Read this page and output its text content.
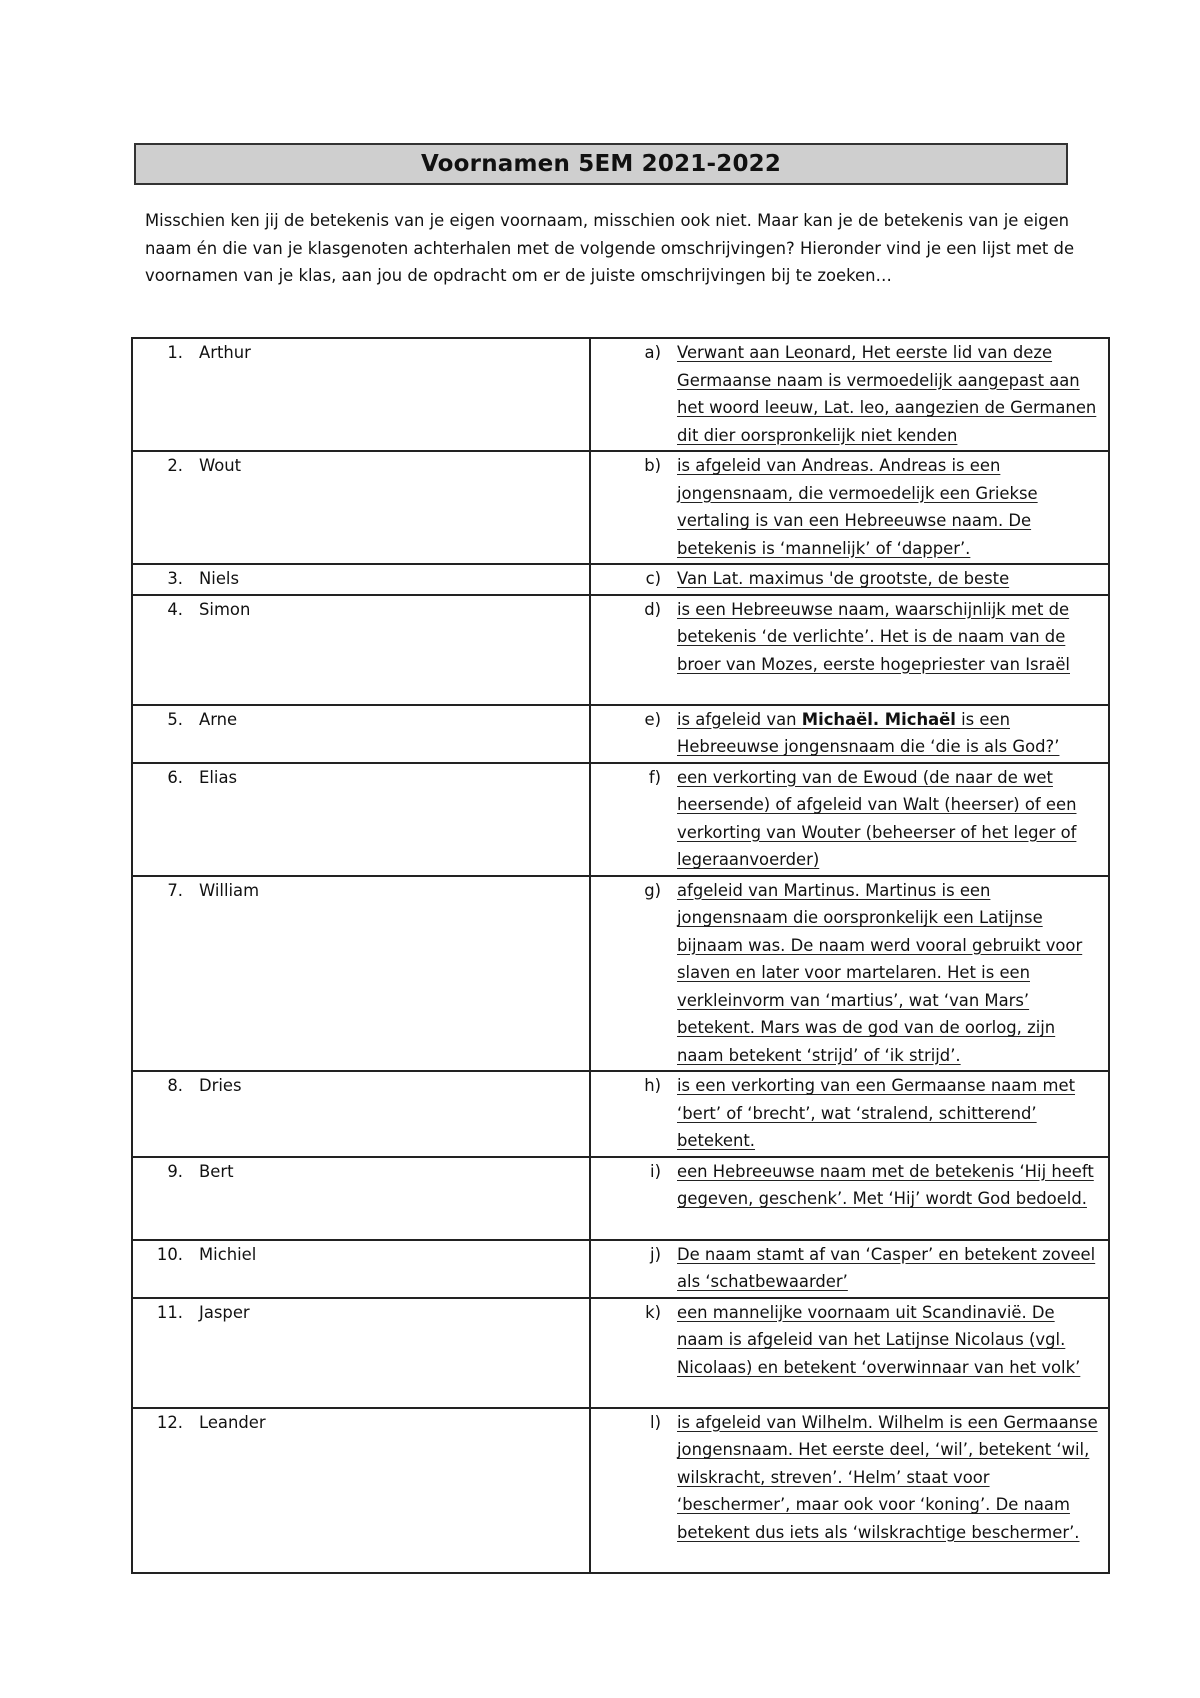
Voornamen 5EM 2021-2022

Misschien ken jij de betekenis van je eigen voornaam, misschien ook niet. Maar kan je de betekenis van je eigen naam én die van je klasgenoten achterhalen met de volgende omschrijvingen? Hieronder vind je een lijst met de voornamen van je klas, aan jou de opdracht om er de juiste omschrijvingen bij te zoeken…

1. Arthur	a) Verwant aan Leonard, Het eerste lid van deze Germaanse naam is vermoedelijk aangepast aan het woord leeuw, Lat. leo, aangezien de Germanen dit dier oorspronkelijk niet kenden

2. Wout	b) is afgeleid van Andreas. Andreas is een jongensnaam, die vermoedelijk een Griekse vertaling is van een Hebreeuwse naam. De betekenis is ‘mannelijk’ of ‘dapper’.

3. Niels	c) Van Lat. maximus 'de grootste, de beste

4. Simon	d) is een Hebreeuwse naam, waarschijnlijk met de betekenis ‘de verlichte’. Het is de naam van de broer van Mozes, eerste hogepriester van Israël

5. Arne	e) is afgeleid van Michaël. Michaël is een Hebreeuwse jongensnaam die ‘die is als God?’

6. Elias	f) een verkorting van de Ewoud (de naar de wet heersende) of afgeleid van Walt (heerser) of een verkorting van Wouter (beheerser of het leger of legeraanvoerder)

7. William	g) afgeleid van Martinus. Martinus is een jongensnaam die oorspronkelijk een Latijnse bijnaam was. De naam werd vooral gebruikt voor slaven en later voor martelaren. Het is een verkleinvorm van ‘martius’, wat ‘van Mars’ betekent. Mars was de god van de oorlog, zijn naam betekent ‘strijd’ of ‘ik strijd’.

8. Dries	h) is een verkorting van een Germaanse naam met ‘bert’ of ‘brecht’, wat ‘stralend, schitterend’ betekent.

9. Bert	i) een Hebreeuwse naam met de betekenis ‘Hij heeft gegeven, geschenk’. Met ‘Hij’ wordt God bedoeld.

10. Michiel	j) De naam stamt af van ‘Casper’ en betekent zoveel als ‘schatbewaarder’

11. Jasper	k) een mannelijke voornaam uit Scandinavië. De naam is afgeleid van het Latijnse Nicolaus (vgl. Nicolaas) en betekent ‘overwinnaar van het volk’

12. Leander	l) is afgeleid van Wilhelm. Wilhelm is een Germaanse jongensnaam. Het eerste deel, ‘wil’, betekent ‘wil, wilskracht, streven’. ‘Helm’ staat voor ‘beschermer’, maar ook voor ‘koning’. De naam betekent dus iets als ‘wilskrachtige beschermer’.
